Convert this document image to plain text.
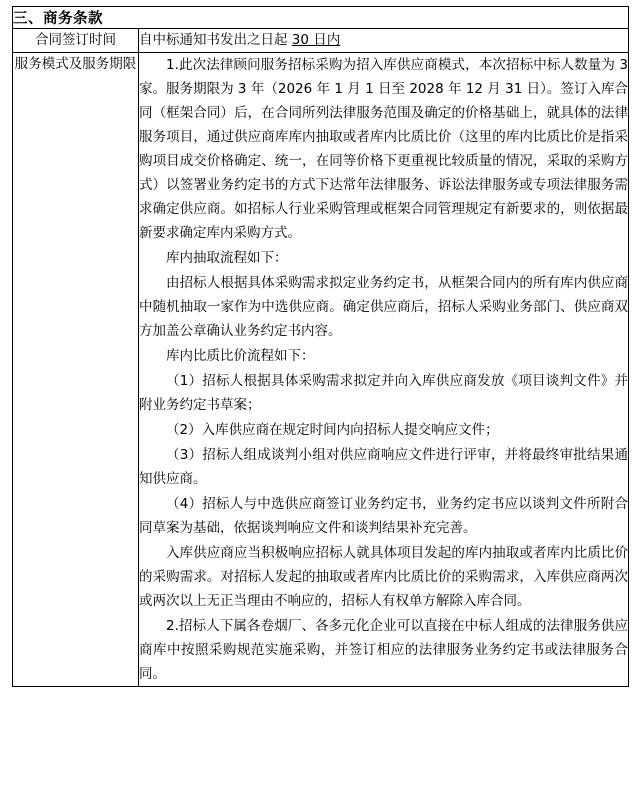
三、商务条款	
合同签订时间	自中标通知书发出之日起 30 日内
服务模式及服务期限	1.此次法律顾问服务招标采购为招入库供应商模式，本次招标中标人数量为 3 家。服务期限为 3 年（2026 年 1 月 1 日至 2028 年 12 月 31 日）。签订入库合同（框架合同）后，在合同所列法律服务范围及确定的价格基础上，就具体的法律服务项目，通过供应商库库内抽取或者库内比质比价（这里的库内比质比价是指采购项目成交价格确定、统一，在同等价格下更重视比较质量的情况，采取的采购方式）以签署业务约定书的方式下达常年法律服务、诉讼法律服务或专项法律服务需求确定供应商。如招标人行业采购管理或框架合同管理规定有新要求的，则依据最新要求确定库内采购方式。

库内抽取流程如下：

由招标人根据具体采购需求拟定业务约定书，从框架合同内的所有库内供应商中随机抽取一家作为中选供应商。确定供应商后，招标人采购业务部门、供应商双方加盖公章确认业务约定书内容。

库内比质比价流程如下：

（1）招标人根据具体采购需求拟定并向入库供应商发放《项目谈判文件》并附业务约定书草案；

（2）入库供应商在规定时间内向招标人提交响应文件；

（3）招标人组成谈判小组对供应商响应文件进行评审，并将最终审批结果通知供应商。

（4）招标人与中选供应商签订业务约定书，业务约定书应以谈判文件所附合同草案为基础，依据谈判响应文件和谈判结果补充完善。

入库供应商应当积极响应招标人就具体项目发起的库内抽取或者库内比质比价的采购需求。对招标人发起的抽取或者库内比质比价的采购需求，入库供应商两次或两次以上无正当理由不响应的，招标人有权单方解除入库合同。

2.招标人下属各卷烟厂、各多元化企业可以直接在中标人组成的法律服务供应商库中按照采购规范实施采购，并签订相应的法律服务业务约定书或法律服务合同。
